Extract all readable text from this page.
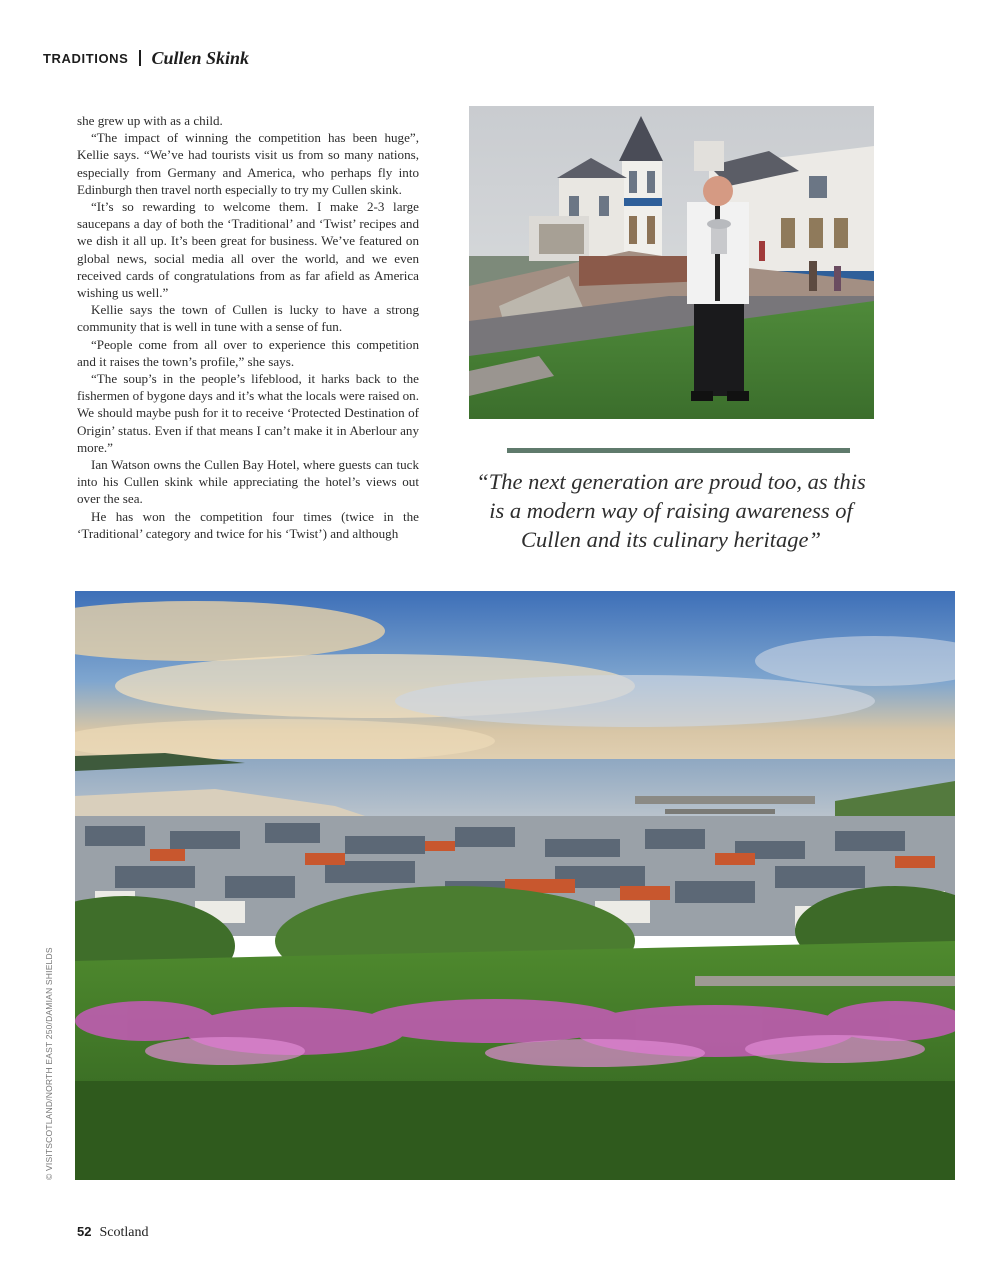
TRADITIONS Cullen Skink

she grew up with as a child.

“The impact of winning the competition has been huge”, Kellie says. “We’ve had tourists visit us from so many nations, especially from Germany and America, who perhaps fly into Edinburgh then travel north especially to try my Cullen skink.

“It’s so rewarding to welcome them. I make 2-3 large saucepans a day of both the ‘Traditional’ and ‘Twist’ recipes and we dish it all up. It’s been great for business. We’ve featured on global news, social media all over the world, and we even received cards of congratulations from as far afield as America wishing us well.”

Kellie says the town of Cullen is lucky to have a strong community that is well in tune with a sense of fun.

“People come from all over to experience this competition and it raises the town’s profile,” she says.

“The soup’s in the people’s lifeblood, it harks back to the fishermen of bygone days and it’s what the locals were raised on. We should maybe push for it to receive ‘Protected Destination of Origin’ status. Even if that means I can’t make it in Aberlour any more.”

Ian Watson owns the Cullen Bay Hotel, where guests can tuck into his Cullen skink while appreciating the hotel’s views out over the sea.

He has won the competition four times (twice in the ‘Traditional’ category and twice for his ‘Twist’) and although

“The next generation are proud too, as this is a modern way of raising awareness of Cullen and its culinary heritage”

© VISITSCOTLAND/NORTH EAST 250/DAMIAN SHIELDS
52 Scotland
